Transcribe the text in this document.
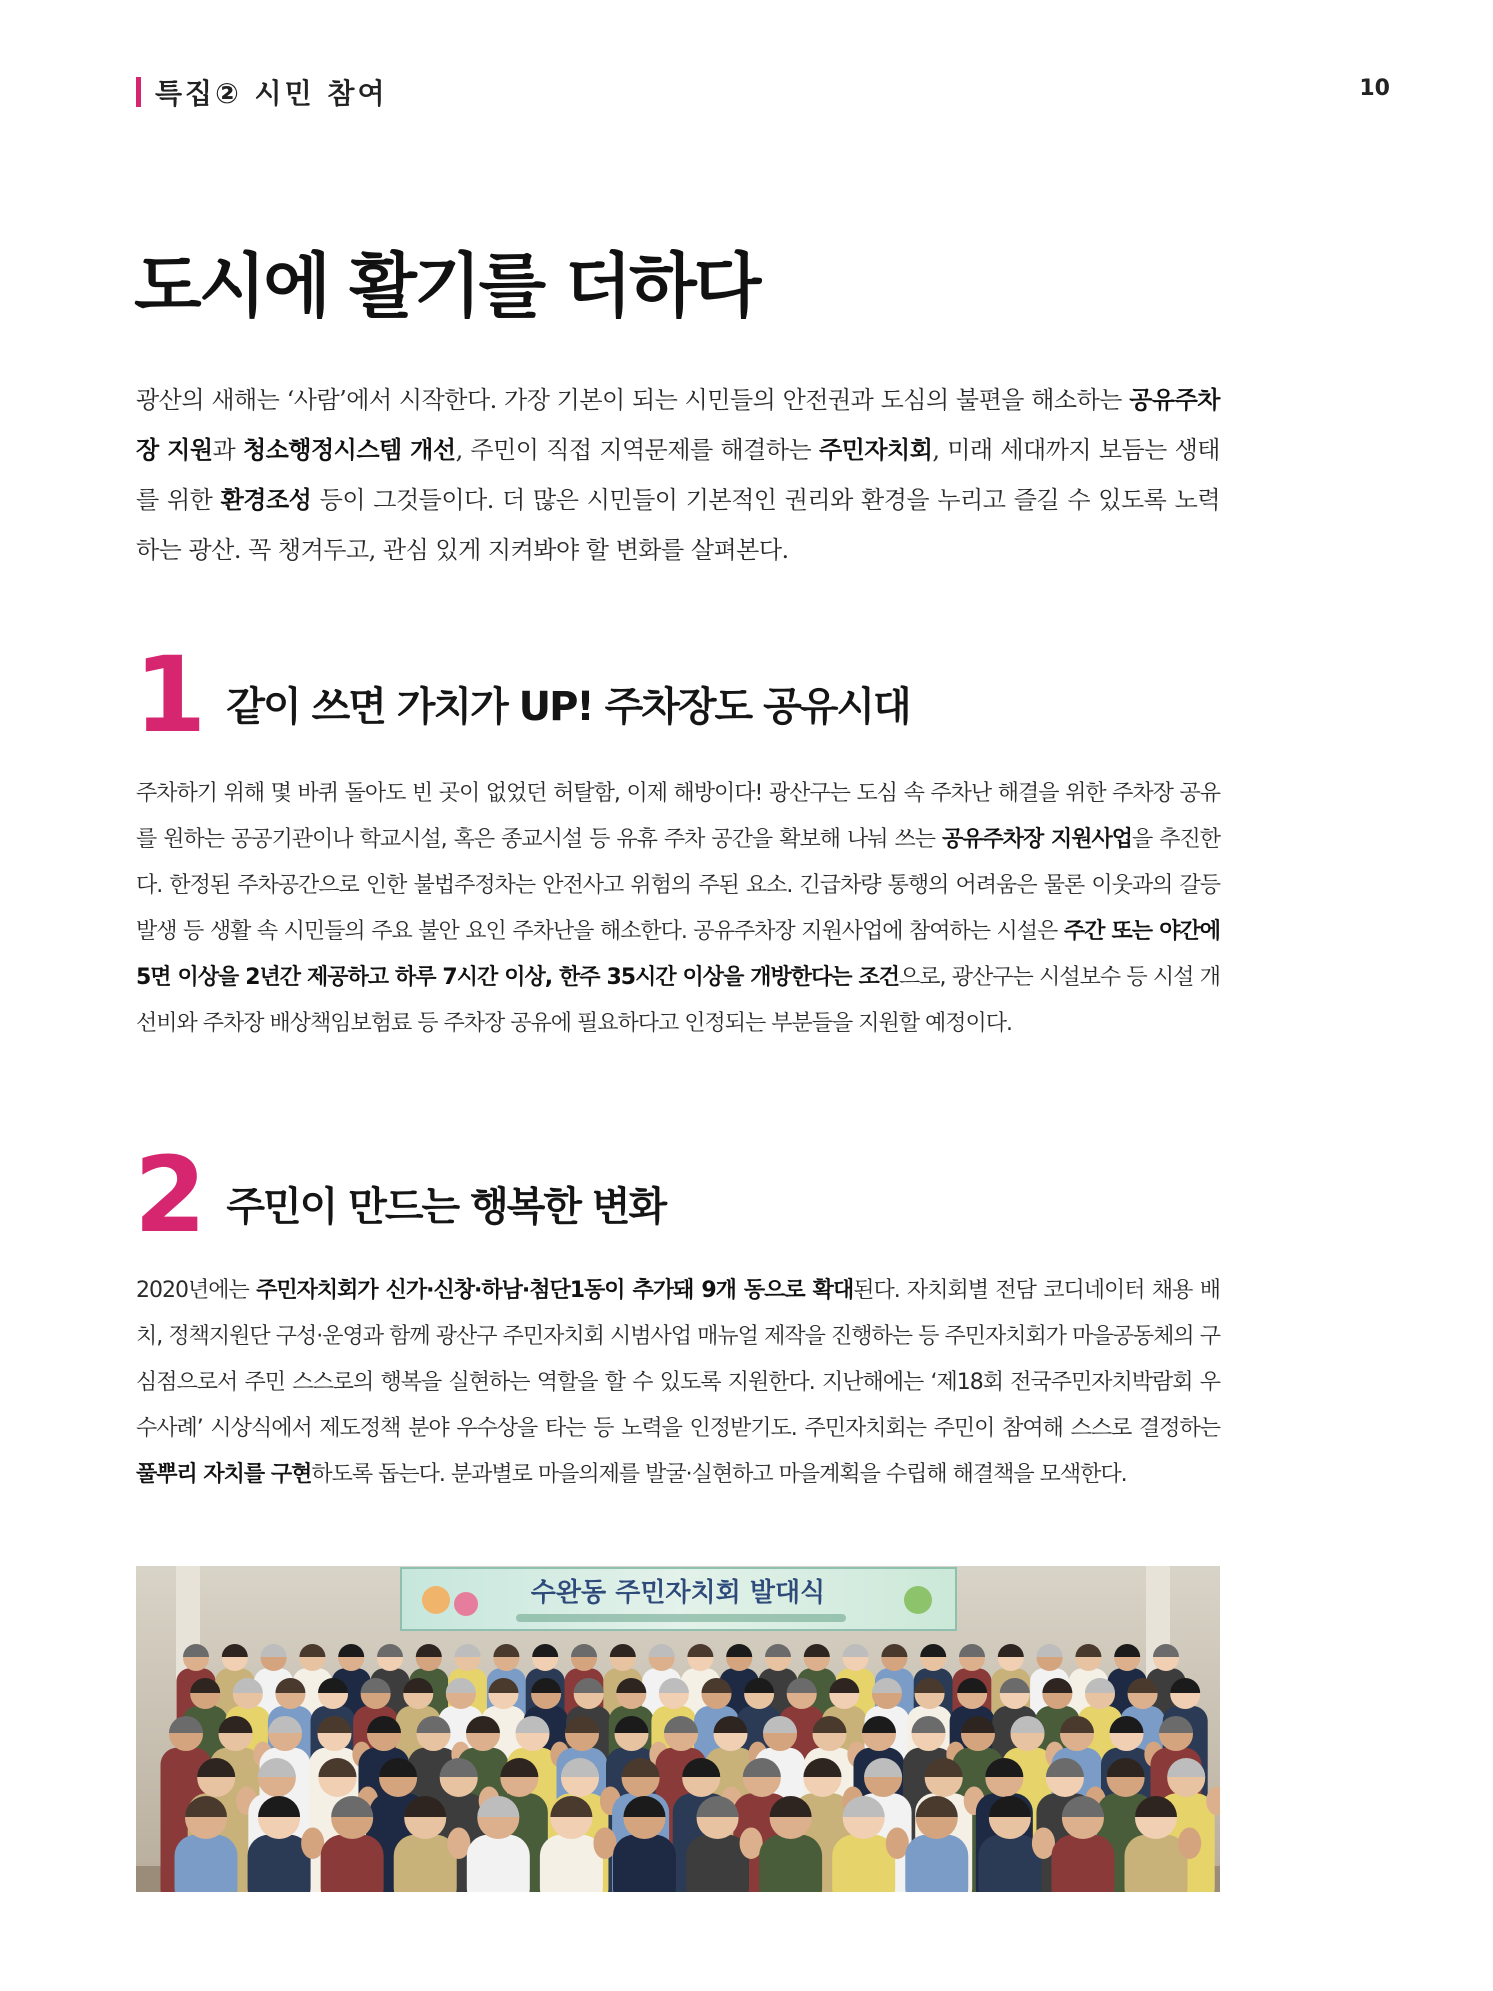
특집② 시민 참여	10
도시에 활기를 더하다

광산의 새해는 ‘사람’에서 시작한다. 가장 기본이 되는 시민들의 안전권과 도심의 불편을 해소하는 공유주차장 지원과 청소행정시스템 개선, 주민이 직접 지역문제를 해결하는 주민자치회, 미래 세대까지 보듬는 생태를 위한 환경조성 등이 그것들이다. 더 많은 시민들이 기본적인 권리와 환경을 누리고 즐길 수 있도록 노력하는 광산. 꼭 챙겨두고, 관심 있게 지켜봐야 할 변화를 살펴본다.

1 같이 쓰면 가치가 UP! 주차장도 공유시대

주차하기 위해 몇 바퀴 돌아도 빈 곳이 없었던 허탈함, 이제 해방이다! 광산구는 도심 속 주차난 해결을 위한 주차장 공유를 원하는 공공기관이나 학교시설, 혹은 종교시설 등 유휴 주차 공간을 확보해 나눠 쓰는 공유주차장 지원사업을 추진한다. 한정된 주차공간으로 인한 불법주정차는 안전사고 위험의 주된 요소. 긴급차량 통행의 어려움은 물론 이웃과의 갈등 발생 등 생활 속 시민들의 주요 불안 요인 주차난을 해소한다. 공유주차장 지원사업에 참여하는 시설은 주간 또는 야간에 5면 이상을 2년간 제공하고 하루 7시간 이상, 한주 35시간 이상을 개방한다는 조건으로, 광산구는 시설보수 등 시설 개선비와 주차장 배상책임보험료 등 주차장 공유에 필요하다고 인정되는 부분들을 지원할 예정이다.

2 주민이 만드는 행복한 변화

2020년에는 주민자치회가 신가·신창·하남·첨단1동이 추가돼 9개 동으로 확대된다. 자치회별 전담 코디네이터 채용 배치, 정책지원단 구성·운영과 함께 광산구 주민자치회 시범사업 매뉴얼 제작을 진행하는 등 주민자치회가 마을공동체의 구심점으로서 주민 스스로의 행복을 실현하는 역할을 할 수 있도록 지원한다. 지난해에는 ‘제18회 전국주민자치박람회 우수사례’ 시상식에서 제도정책 분야 우수상을 타는 등 노력을 인정받기도. 주민자치회는 주민이 참여해 스스로 결정하는 풀뿌리 자치를 구현하도록 돕는다. 분과별로 마을의제를 발굴·실현하고 마을계획을 수립해 해결책을 모색한다.

수완동 주민자치회 발대식
